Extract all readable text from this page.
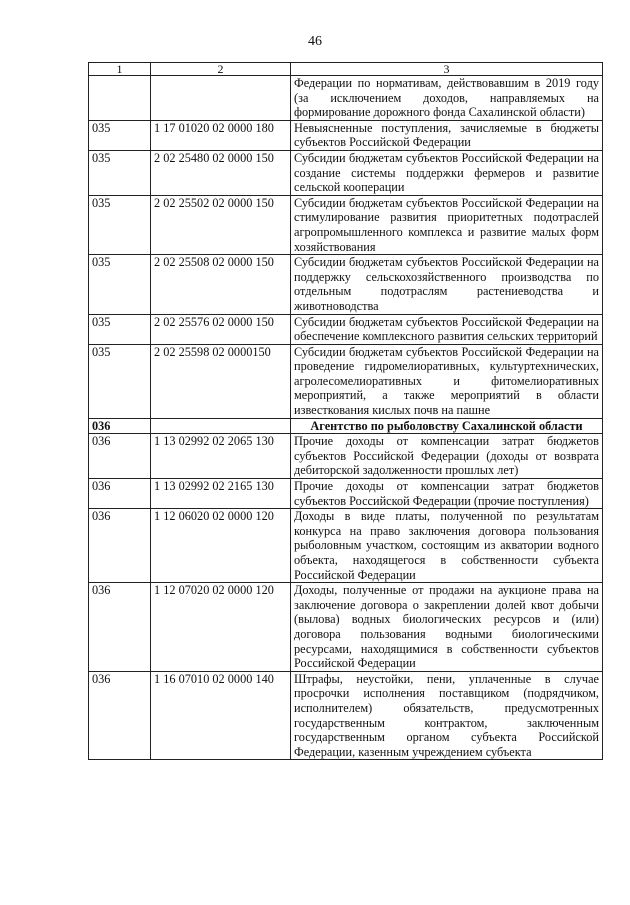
46
1	2	3
		Федерации по нормативам, действовавшим в 2019 году (за исключением доходов, направляемых на формирование дорожного фонда Сахалинской области)
035	1 17 01020 02 0000 180	Невыясненные поступления, зачисляемые в бюджеты субъектов Российской Федерации
035	2 02 25480 02 0000 150	Субсидии бюджетам субъектов Российской Федерации на создание системы поддержки фермеров и развитие сельской кооперации
035	2 02 25502 02 0000 150	Субсидии бюджетам субъектов Российской Федерации на стимулирование развития приоритетных подотраслей агропромышленного комплекса и развитие малых форм хозяйствования
035	2 02 25508 02 0000 150	Субсидии бюджетам субъектов Российской Федерации на поддержку сельскохозяйственного производства по отдельным подотраслям растениеводства и животноводства
035	2 02 25576 02 0000 150	Субсидии бюджетам субъектов Российской Федерации на обеспечение комплексного развития сельских территорий
035	2 02 25598 02 0000150	Субсидии бюджетам субъектов Российской Федерации на проведение гидромелиоративных, культуртехнических, агролесомелиоративных и фитомелиоративных мероприятий, а также мероприятий в области известкования кислых почв на пашне
036		Агентство по рыболовству Сахалинской области
036	1 13 02992 02 2065 130	Прочие доходы от компенсации затрат бюджетов субъектов Российской Федерации (доходы от возврата дебиторской задолженности прошлых лет)
036	1 13 02992 02 2165 130	Прочие доходы от компенсации затрат бюджетов субъектов Российской Федерации (прочие поступления)
036	1 12 06020 02 0000 120	Доходы в виде платы, полученной по результатам конкурса на право заключения договора пользования рыболовным участком, состоящим из акватории водного объекта, находящегося в собственности субъекта Российской Федерации
036	1 12 07020 02 0000 120	Доходы, полученные от продажи на аукционе права на заключение договора о закреплении долей квот добычи (вылова) водных биологических ресурсов и (или) договора пользования водными биологическими ресурсами, находящимися в собственности субъектов Российской Федерации
036	1 16 07010 02 0000 140	Штрафы, неустойки, пени, уплаченные в случае просрочки исполнения поставщиком (подрядчиком, исполнителем) обязательств, предусмотренных государственным контрактом, заключенным государственным органом субъекта Российской Федерации, казенным учреждением субъекта
